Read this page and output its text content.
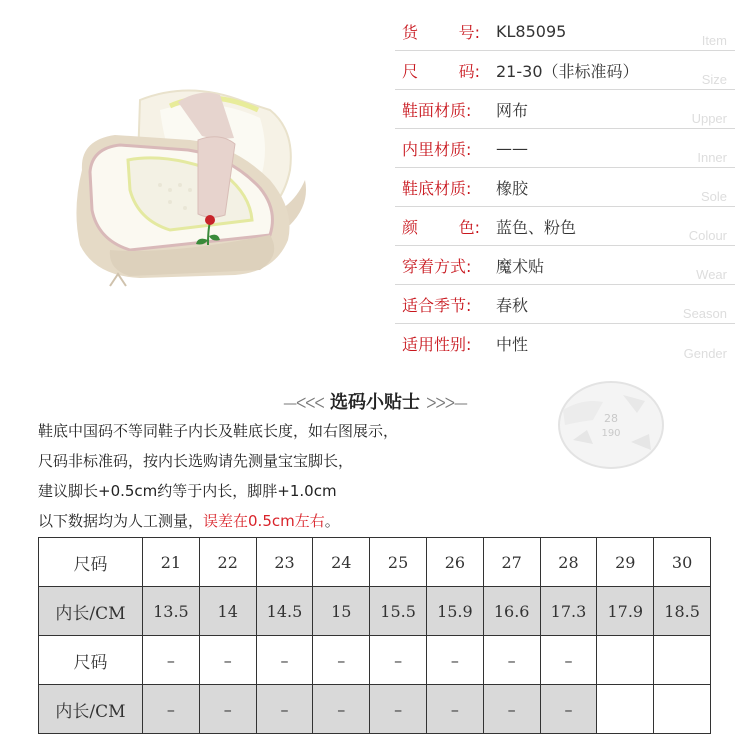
货	号:	KL85095	Item
尺	码:	21-30（非标准码）	Size
鞋面材质:	网布	Upper
内里材质:	——	Inner
鞋底材质:	橡胶	Sole
颜	色:	蓝色、粉色	Colour
穿着方式:	魔术贴	Wear
适合季节:	春秋	Season
适用性别:	中性	Gender
—ᐸᐸᐸ 选码小贴士 ᐳᐳᐳ—
鞋底中国码不等同鞋子内长及鞋底长度，如右图展示，
尺码非标准码，按内长选购请先测量宝宝脚长，
建议脚长+0.5cm约等于内长，脚胖+1.0cm
以下数据均为人工测量，误差在0.5cm左右。
28
190
尺码	21	22	23	24	25	26	27	28	29	30
内长/CM	13.5	14	14.5	15	15.5	15.9	16.6	17.3	17.9	18.5
尺码	–	–	–	–	–	–	–	–		
内长/CM	–	–	–	–	–	–	–	–		
